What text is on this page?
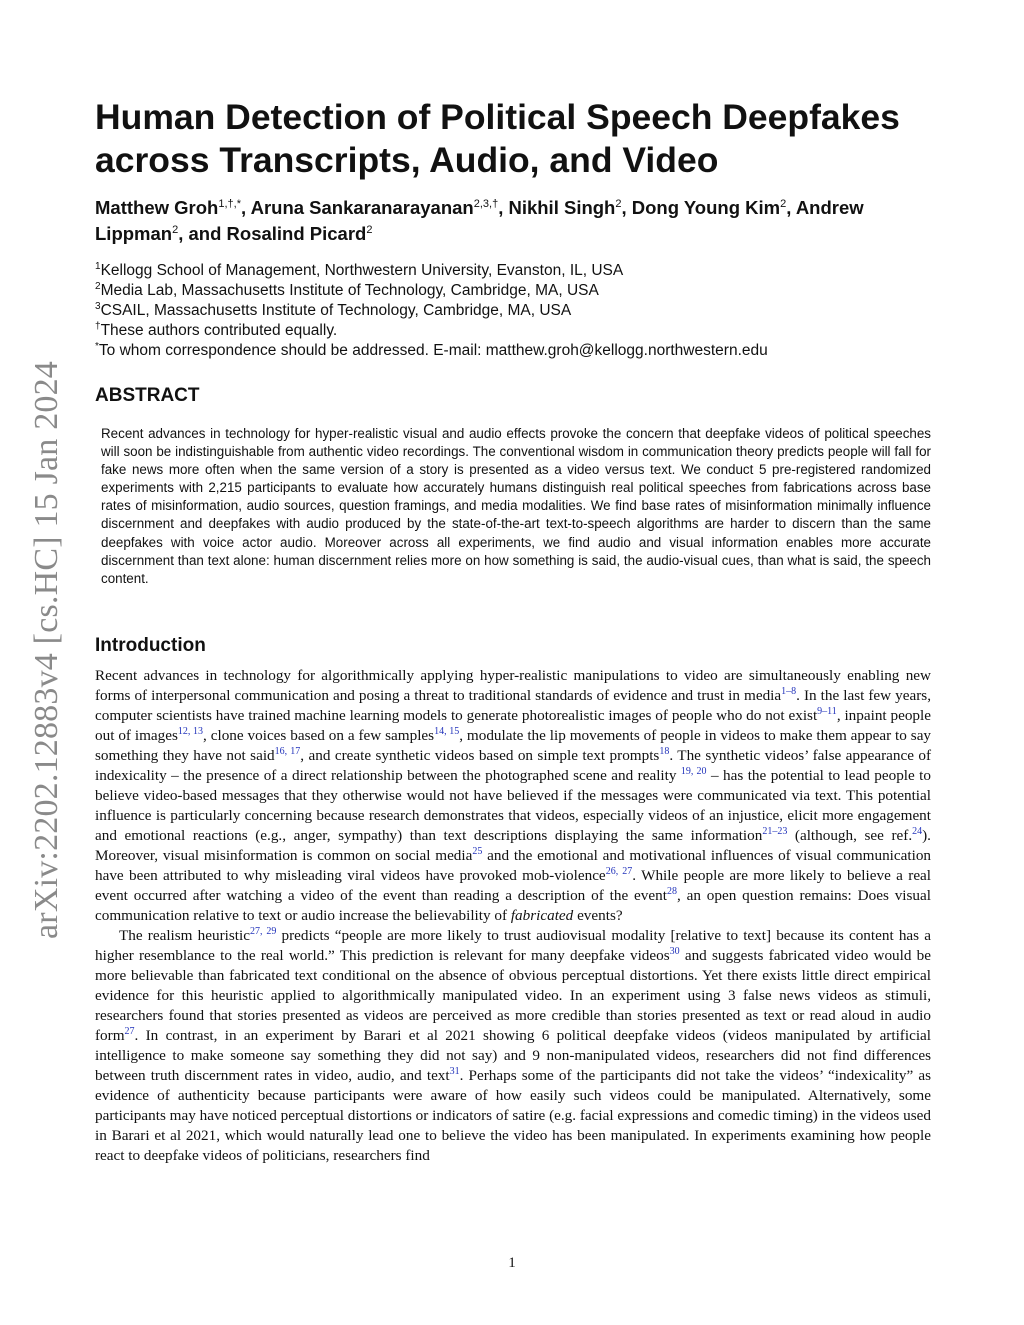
arXiv:2202.12883v4 [cs.HC] 15 Jan 2024
Human Detection of Political Speech Deepfakes
across Transcripts, Audio, and Video
Matthew Groh$^{1,\dagger,*}$, Aruna Sankaranarayanan$^{2,3,\dagger}$, Nikhil Singh$^2$, Dong Young Kim$^2$, Andrew Lippman$^2$, and Rosalind Picard$^2$
$^1$Kellogg School of Management, Northwestern University, Evanston, IL, USA
$^2$Media Lab, Massachusetts Institute of Technology, Cambridge, MA, USA
$^3$CSAIL, Massachusetts Institute of Technology, Cambridge, MA, USA
†These authors contributed equally.
*To whom correspondence should be addressed. E-mail: matthew.groh@kellogg.northwestern.edu
ABSTRACT
Recent advances in technology for hyper-realistic visual and audio effects provoke the concern that deepfake videos of political speeches will soon be indistinguishable from authentic video recordings. The conventional wisdom in communication theory predicts people will fall for fake news more often when the same version of a story is presented as a video versus text. We conduct 5 pre-registered randomized experiments with 2,215 participants to evaluate how accurately humans distinguish real political speeches from fabrications across base rates of misinformation, audio sources, question framings, and media modalities. We find base rates of misinformation minimally influence discernment and deepfakes with audio produced by the state-of-the-art text-to-speech algorithms are harder to discern than the same deepfakes with voice actor audio. Moreover across all experiments, we find audio and visual information enables more accurate discernment than text alone: human discernment relies more on how something is said, the audio-visual cues, than what is said, the speech content.
Introduction

Recent advances in technology for algorithmically applying hyper-realistic manipulations to video are simultaneously enabling new forms of interpersonal communication and posing a threat to traditional standards of evidence and trust in media$^{1-8}$. In the last few years, computer scientists have trained machine learning models to generate photorealistic images of people who do not exist$^{9-11}$, inpaint people out of images$^{12, 13}$, clone voices based on a few samples$^{14, 15}$, modulate the lip movements of people in videos to make them appear to say something they have not said$^{16, 17}$, and create synthetic videos based on simple text prompts$^{18}$. The synthetic videos’ false appearance of indexicality – the presence of a direct relationship between the photographed scene and reality $^{19, 20}$ – has the potential to lead people to believe video-based messages that they otherwise would not have believed if the messages were communicated via text. This potential influence is particularly concerning because research demonstrates that videos, especially videos of an injustice, elicit more engagement and emotional reactions (e.g., anger, sympathy) than text descriptions displaying the same information$^{21-23}$ (although, see ref.$^{24}$). Moreover, visual misinformation is common on social media$^{25}$ and the emotional and motivational influences of visual communication have been attributed to why misleading viral videos have provoked mob-violence$^{26, 27}$. While people are more likely to believe a real event occurred after watching a video of the event than reading a description of the event$^{28}$, an open question remains: Does visual communication relative to text or audio increase the believability of fabricated events?

The realism heuristic$^{27, 29}$ predicts “people are more likely to trust audiovisual modality [relative to text] because its content has a higher resemblance to the real world.” This prediction is relevant for many deepfake videos$^{30}$ and suggests fabricated video would be more believable than fabricated text conditional on the absence of obvious perceptual distortions. Yet there exists little direct empirical evidence for this heuristic applied to algorithmically manipulated video. In an experiment using 3 false news videos as stimuli, researchers found that stories presented as videos are perceived as more credible than stories presented as text or read aloud in audio form$^{27}$. In contrast, in an experiment by Barari et al 2021 showing 6 political deepfake videos (videos manipulated by artificial intelligence to make someone say something they did not say) and 9 non-manipulated videos, researchers did not find differences between truth discernment rates in video, audio, and text$^{31}$. Perhaps some of the participants did not take the videos’ “indexicality” as evidence of authenticity because participants were aware of how easily such videos could be manipulated. Alternatively, some participants may have noticed perceptual distortions or indicators of satire (e.g. facial expressions and comedic timing) in the videos used in Barari et al 2021, which would naturally lead one to believe the video has been manipulated. In experiments examining how people react to deepfake videos of politicians, researchers find

1
